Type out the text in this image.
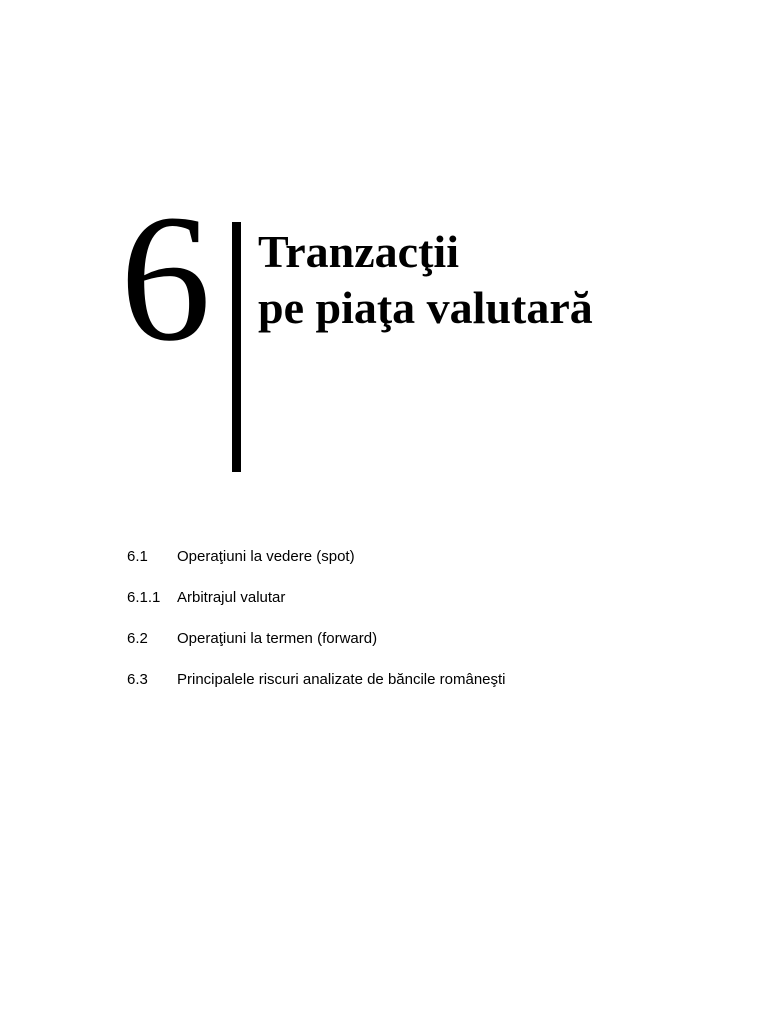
6 Tranzacţii
pe piaţa valutară
6.1	Operaţiuni la vedere (spot)
6.1.1	Arbitrajul valutar
6.2	Operaţiuni la termen (forward)
6.3	Principalele riscuri analizate de băncile româneşti
